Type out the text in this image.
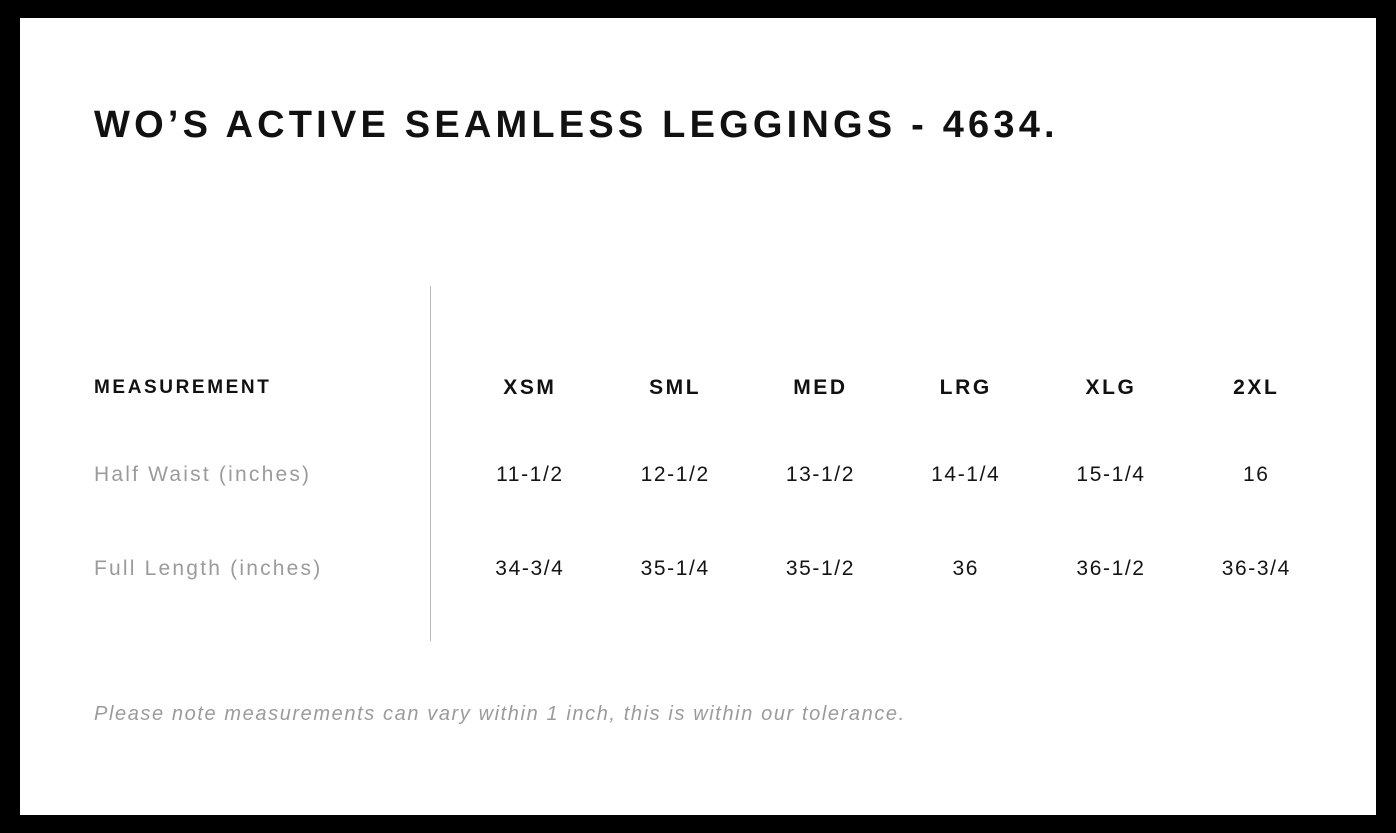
WO’S ACTIVE SEAMLESS LEGGINGS - 4634.
MEASUREMENT	XSM	SML	MED	LRG	XLG	2XL
Half Waist (inches)	11-1/2	12-1/2	13-1/2	14-1/4	15-1/4	16
Full Length (inches)	34-3/4	35-1/4	35-1/2	36	36-1/2	36-3/4
Please note measurements can vary within 1 inch, this is within our tolerance.
